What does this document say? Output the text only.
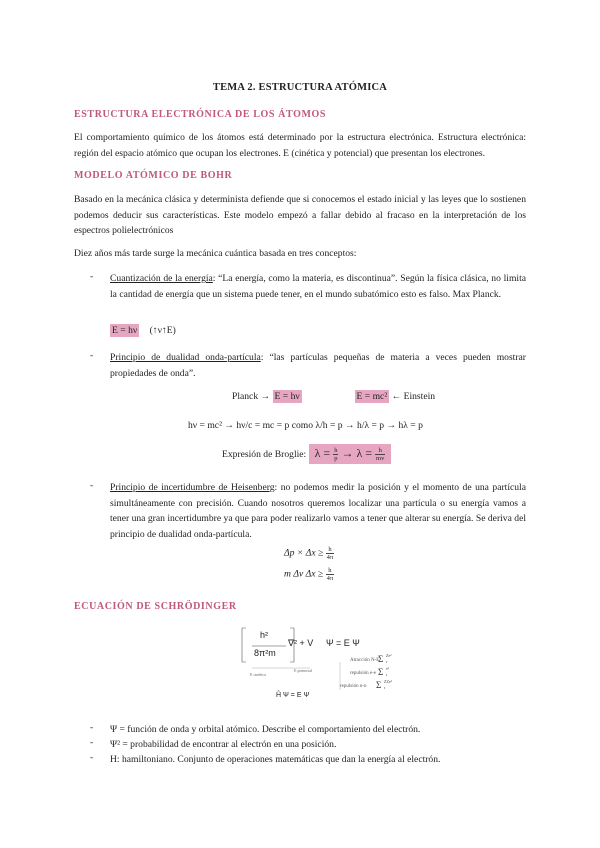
TEMA 2. ESTRUCTURA ATÓMICA
ESTRUCTURA ELECTRÓNICA DE LOS ÁTOMOS
El comportamiento químico de los átomos está determinado por la estructura electrónica. Estructura electrónica: región del espacio atómico que ocupan los electrones. E (cinética y potencial) que presentan los electrones.
MODELO ATÓMICO DE BOHR
Basado en la mecánica clásica y determinista defiende que si conocemos el estado inicial y las leyes que lo sostienen podemos deducir sus características. Este modelo empezó a fallar debido al fracaso en la interpretación de los espectros polielectrónicos
Diez años más tarde surge la mecánica cuántica basada en tres conceptos:
- Cuantización de la energía: “La energía, como la materia, es discontinua”. Según la física clásica, no limita la cantidad de energía que un sistema puede tener, en el mundo subatómico esto es falso. Max Planck.
E = hν (↑ν↑E)
- Principio de dualidad onda-partícula: “las partículas pequeñas de materia a veces pueden mostrar propiedades de onda”.
Planck → E = hν	E = mc² ← Einstein
hν = mc² → hν/c = mc = p como λ/h = p → h/λ = p → hλ = p
Expresión de Broglie: $\lambda = \frac{h}{p} \to \lambda = \frac{h}{mv}$
- Principio de incertidumbre de Heisenberg: no podemos medir la posición y el momento de una partícula simultáneamente con precisión. Cuando nosotros queremos localizar una partícula o su energía vamos a tener una gran incertidumbre ya que para poder realizarlo vamos a tener que alterar su energía. Se deriva del principio de dualidad onda-partícula.
$\Delta p \times \Delta x \ge \frac{h}{4\pi}$
m Δv $\Delta x \ge \frac{h}{4\pi}$
ECUACIÓN DE SCHRÖDINGER
Atracción N-E
Σ Ze²
r
repulsión e-e Σ e²
r
repulsión n-n Σ ZZe²
r
E cinética
E potencial
h²
8π²m
∇² + V Ψ = E Ψ
Ĥ Ψ = E Ψ
- Ψ = función de onda y orbital atómico. Describe el comportamiento del electrón.
- Ψ² = probabilidad de encontrar al electrón en una posición.
- H: hamiltoniano. Conjunto de operaciones matemáticas que dan la energía al electrón.
